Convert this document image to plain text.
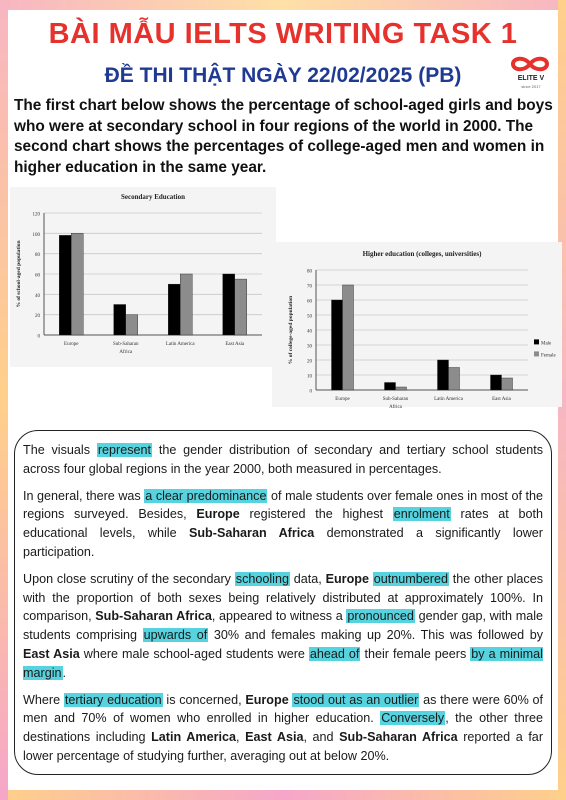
BÀI MẪU IELTS WRITING TASK 1
ĐỀ THI THẬT NGÀY 22/02/2025 (PB)	ELITE V
since 2017
The first chart below shows the percentage of school-aged girls and boys who were at secondary school in four regions of the world in 2000. The second chart shows the percentages of college-aged men and women in higher education in the same year.
Secondary Education
0
20
40
60
80
100
120
% of school-aged population
Europe	Sub-Saharan
Africa
Latin America	East Asia
Higher education (colleges, universities)
0
10
20
30
40
50
60
70
80
% of college-aged population
Europe	Sub-Saharan
Africa
Latin America	East Asia
Male
Female

The visuals represent the gender distribution of secondary and tertiary school students across four global regions in the year 2000, both measured in percentages.

In general, there was a clear predominance of male students over female ones in most of the regions surveyed. Besides, Europe registered the highest enrolment rates at both educational levels, while Sub-Saharan Africa demonstrated a significantly lower participation.

Upon close scrutiny of the secondary schooling data, Europe outnumbered the other places with the proportion of both sexes being relatively distributed at approximately 100%. In comparison, Sub-Saharan Africa, appeared to witness a pronounced gender gap, with male students comprising upwards of 30% and females making up 20%. This was followed by East Asia where male school-aged students were ahead of their female peers by a minimal margin.

Where tertiary education is concerned, Europe stood out as an outlier as there were 60% of men and 70% of women who enrolled in higher education. Conversely, the other three destinations including Latin America, East Asia, and Sub-Saharan Africa reported a far lower percentage of studying further, averaging out at below 20%.
